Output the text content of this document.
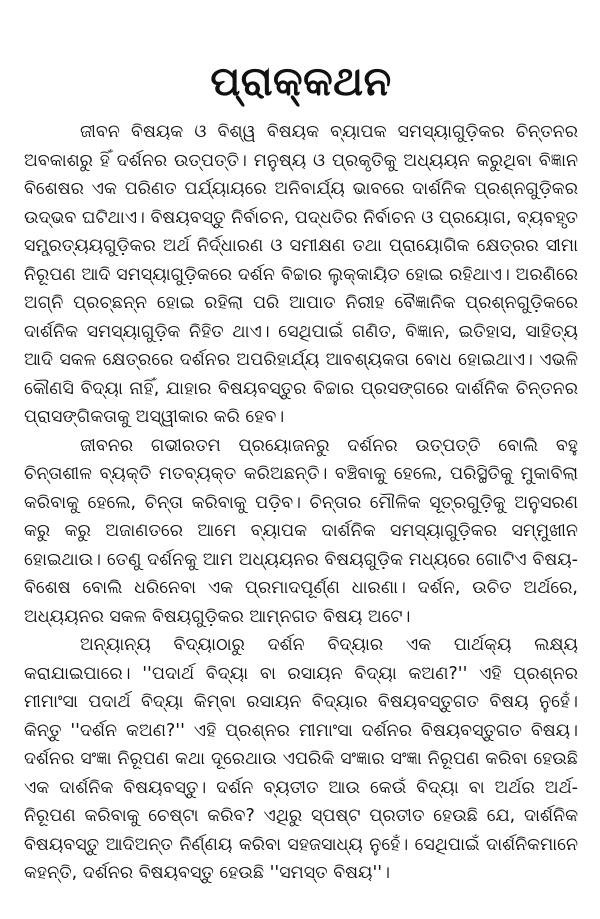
ପ୍ରାକ୍‌କଥନ

ଜୀବନ ବିଷୟକ ଓ ବିଶ୍ୱ ବିଷୟକ ବ୍ୟାପକ ସମସ୍ୟାଗୁଡ଼ିକର ଚିନ୍ତନର ଅବକାଶରୁ ହିଁ ଦର୍ଶନର ଉତ୍ପତ୍ତି। ମନୁଷ୍ୟ ଓ ପ୍ରକୃତିକୁ ଅଧ୍ୟୟନ କରୁଥିବା ବିଜ୍ଞାନ ବିଶେଷର ଏକ ପରିଣତ ପର୍ଯ୍ୟାୟରେ ଅନିବାର୍ଯ୍ୟ ଭାବରେ ଦାର୍ଶନିକ ପ୍ରଶ୍ନଗୁଡ଼ିକର ଉଦ୍ଭବ ଘଟିଥାଏ। ବିଷୟବସ୍ତୁ ନିର୍ବାଚନ, ପଦ୍ଧତିର ନିର୍ବାଚନ ଓ ପ୍ରୟୋଗ, ବ୍ୟବହୃତ ସମ୍ପ୍ରତ୍ୟୟଗୁଡ଼ିକର ଅର୍ଥ ନିର୍ଦ୍ଧାରଣ ଓ ସମୀକ୍ଷଣ ତଥା ପ୍ରାୟୋଗିକ କ୍ଷେତ୍ରର ସୀମା ନିରୂପଣ ଆଦି ସମସ୍ୟାଗୁଡ଼ିକରେ ଦର୍ଶନ ବିଚ୍ଚାର ଲୁକ୍‌କାୟିତ ହୋଇ ରହିଥାଏ। ଅରଣିରେ ଅଗ୍ନି ପ୍ରଚ୍ଛନ୍ନ ହୋଇ ରହିଲା ପରି ଆପାତ ନିରୀହ ବୈଜ୍ଞାନିକ ପ୍ରଶ୍ନଗୁଡ଼ିକରେ ଦାର୍ଶନିକ ସମସ୍ୟାଗୁଡ଼ିକ ନିହିତ ଥାଏ। ସେଥିପାଇଁ ଗଣିତ, ବିଜ୍ଞାନ, ଇତିହାସ, ସାହିତ୍ୟ ଆଦି ସକଳ କ୍ଷେତ୍ରରେ ଦର୍ଶନର ଅପରିହାର୍ଯ୍ୟ ଆବଶ୍ୟକତା ବୋଧ ହୋଇଥାଏ। ଏଭଳି କୌଣସି ବିଦ୍ୟା ନାହିଁ, ଯାହାର ବିଷୟବସ୍ତୁର ବିଚ୍ଚାର ପ୍ରସଙ୍ଗରେ ଦାର୍ଶନିକ ଚିନ୍ତନର ପ୍ରାସଙ୍ଗିକତାକୁ ଅସ୍ୱୀକାର କରି ହେବ।

ଜୀବନର ଗଭୀରତମ ପ୍ରୟୋଜନରୁ ଦର୍ଶନର ଉତ୍ପତ୍ତି ବୋଲି ବହୁ ଚିନ୍ତାଶୀଳ ବ୍ୟକ୍ତି ମତବ୍ୟକ୍ତ କରିଅଛନ୍ତି। ବଞ୍ଚିବାକୁ ହେଲେ, ପରିସ୍ଥିତିକୁ ମୁକାବିଲା କରିବାକୁ ହେଲେ, ଚିନ୍ତା କରିବାକୁ ପଡ଼ିବ। ଚିନ୍ତାର ମୌଳିକ ସୂତ୍ରଗୁଡ଼ିକୁ ଅନୁସରଣ କରୁ କରୁ ଅଜାଣତରେ ଆମେ ବ୍ୟାପକ ଦାର୍ଶନିକ ସମସ୍ୟାଗୁଡ଼ିକର ସମ୍ମୁଖୀନ ହୋଇଥାଉ। ତେଣୁ ଦର୍ଶନକୁ ଆମ ଅଧ୍ୟୟନର ବିଷୟଗୁଡ଼ିକ ମଧ୍ୟରେ ଗୋଟିଏ ବିଷୟ-ବିଶେଷ ବୋଲି ଧରିନେବା ଏକ ପ୍ରମାଦପୂର୍ଣ୍ଣ ଧାରଣା। ଦର୍ଶନ, ଉଚିତ ଅର୍ଥରେ, ଅଧ୍ୟୟନର ସକଳ ବିଷୟଗୁଡ଼ିକର ଆମ୍ନଗତ ବିଷୟ ଅଟେ।

ଅନ୍ୟାନ୍ୟ ବିଦ୍ୟାଠାରୁ ଦର୍ଶନ ବିଦ୍ୟାର ଏକ ପାର୍ଥକ୍ୟ ଲକ୍ଷ୍ୟ କରାଯାଇପାରେ। ''ପଦାର୍ଥ ବିଦ୍ୟା ବା ରସାୟନ ବିଦ୍ୟା କଅଣ?'' ଏହି ପ୍ରଶ୍ନର ମୀମାଂସା ପଦାର୍ଥ ବିଦ୍ୟା କିମ୍ବା ରସାୟନ ବିଦ୍ୟାର ବିଷୟବସ୍ତୁଗତ ବିଷୟ ନୁହେଁ। କିନ୍ତୁ ''ଦର୍ଶନ କଅଣ?'' ଏହି ପ୍ରଶ୍ନର ମୀମାଂସା ଦର୍ଶନର ବିଷୟବସ୍ତୁଗତ ବିଷୟ। ଦର୍ଶନର ସଂଜ୍ଞା ନିରୂପଣ କଥା ଦୂରେଥାଉ ଏପରିକି ସଂଜ୍ଞାର ସଂଜ୍ଞା ନିରୂପଣ କରିବା ହେଉଛି ଏକ ଦାର୍ଶନିକ ବିଷୟବସ୍ତୁ। ଦର୍ଶନ ବ୍ୟତୀତ ଆଉ କେଉଁ ବିଦ୍ୟା ବା ଅର୍ଥର ଅର୍ଥ-ନିରୂପଣ କରିବାକୁ ଚେଷ୍ଟା କରିବ? ଏଥିରୁ ସ୍ପଷ୍ଟ ପ୍ରତୀତ ହେଉଛି ଯେ, ଦାର୍ଶନିକ ବିଷୟବସ୍ତୁ ଆଦିଅନ୍ତ ନିର୍ଣ୍ଣୟ କରିବା ସହଜସାଧ୍ୟ ନୁହେଁ। ସେଥିପାଇଁ ଦାର୍ଶନିକମାନେ କହନ୍ତି, ଦର୍ଶନର ବିଷୟବସ୍ତୁ ହେଉଛି ''ସମସ୍ତ ବିଷୟ''।
